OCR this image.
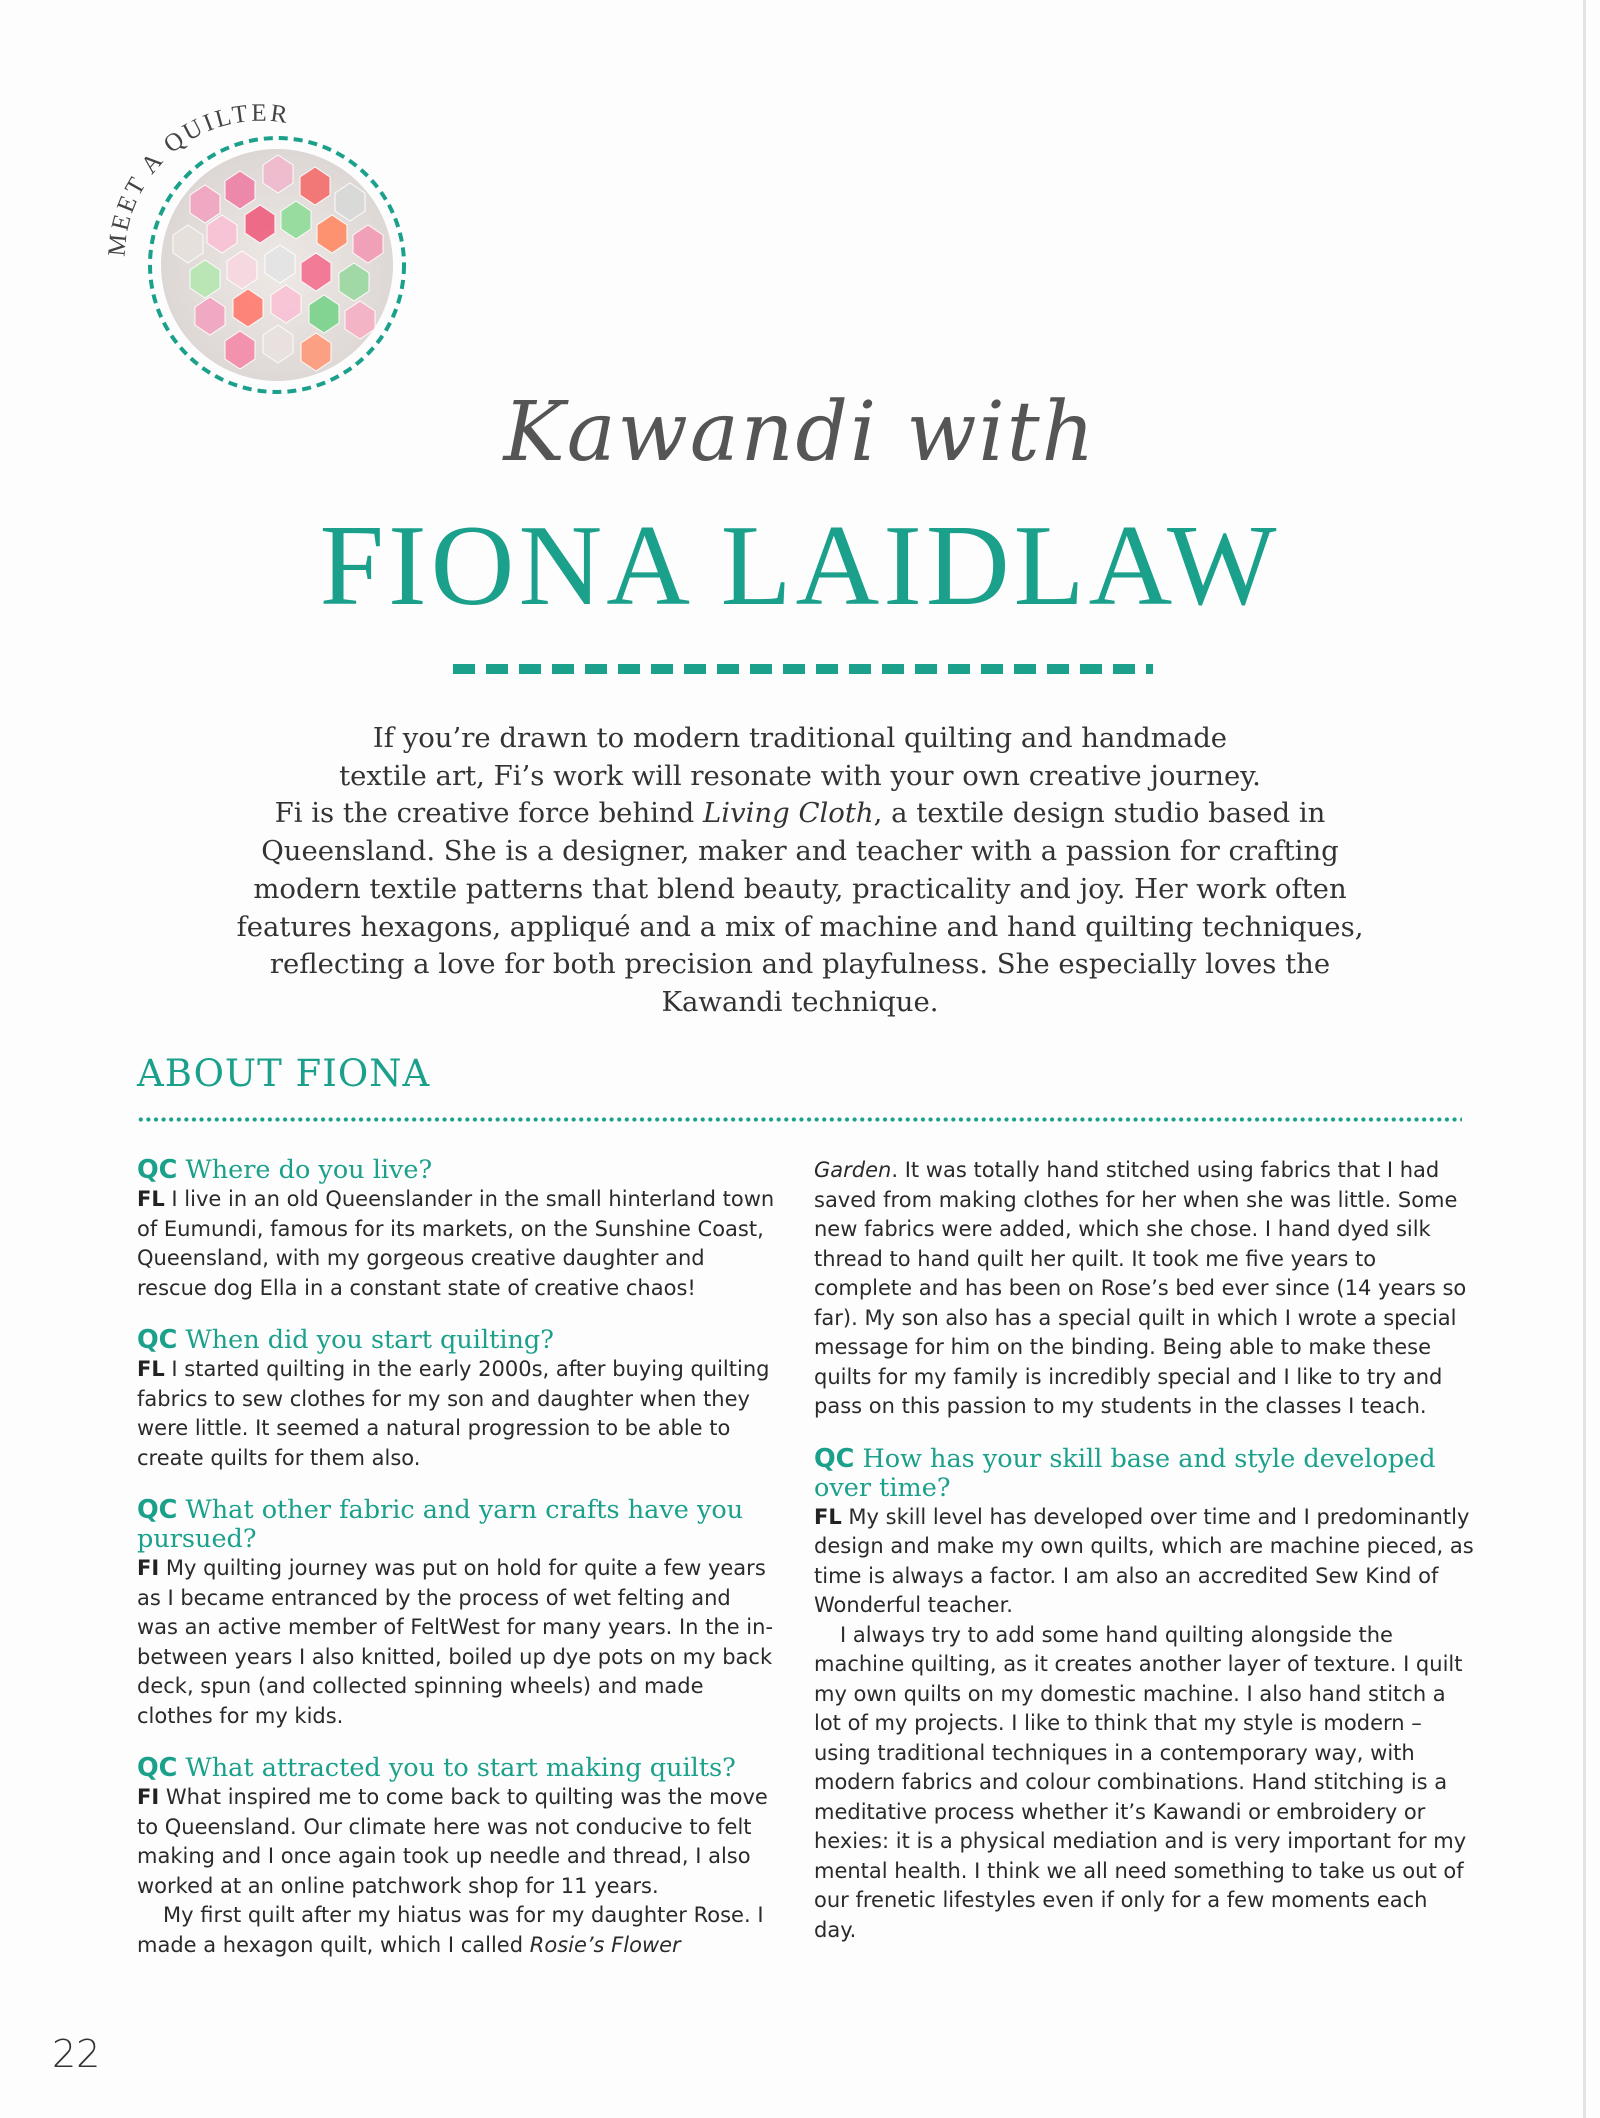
MEET A QUILTER
Kawandi with
FIONA LAIDLAW

If you’re drawn to modern traditional quilting and handmade textile art, Fi’s work will resonate with your own creative journey.

Fi is the creative force behind Living Cloth, a textile design studio based in Queensland. She is a designer, maker and teacher with a passion for crafting modern textile patterns that blend beauty, practicality and joy. Her work often features hexagons, appliqué and a mix of machine and hand quilting techniques, reflecting a love for both precision and playfulness. She especially loves the Kawandi technique.

ABOUT FIONA

QC Where do you live?

FL I live in an old Queenslander in the small hinterland town of Eumundi, famous for its markets, on the Sunshine Coast, Queensland, with my gorgeous creative daughter and rescue dog Ella in a constant state of creative chaos!

QC When did you start quilting?

FL I started quilting in the early 2000s, after buying quilting fabrics to sew clothes for my son and daughter when they were little. It seemed a natural progression to be able to create quilts for them also.

QC What other fabric and yarn crafts have you pursued?

FI My quilting journey was put on hold for quite a few years as I became entranced by the process of wet felting and was an active member of FeltWest for many years. In the in-between years I also knitted, boiled up dye pots on my back deck, spun (and collected spinning wheels) and made clothes for my kids.

QC What attracted you to start making quilts?

FI What inspired me to come back to quilting was the move to Queensland. Our climate here was not conducive to felt making and I once again took up needle and thread, I also worked at an online patchwork shop for 11 years.

My first quilt after my hiatus was for my daughter Rose. I made a hexagon quilt, which I called Rosie’s Flower

Garden. It was totally hand stitched using fabrics that I had saved from making clothes for her when she was little. Some new fabrics were added, which she chose. I hand dyed silk thread to hand quilt her quilt. It took me five years to complete and has been on Rose’s bed ever since (14 years so far). My son also has a special quilt in which I wrote a special message for him on the binding. Being able to make these quilts for my family is incredibly special and I like to try and pass on this passion to my students in the classes I teach.

QC How has your skill base and style developed over time?

FL My skill level has developed over time and I predominantly design and make my own quilts, which are machine pieced, as time is always a factor. I am also an accredited Sew Kind of Wonderful teacher.

I always try to add some hand quilting alongside the machine quilting, as it creates another layer of texture. I quilt my own quilts on my domestic machine. I also hand stitch a lot of my projects. I like to think that my style is modern – using traditional techniques in a contemporary way, with modern fabrics and colour combinations. Hand stitching is a meditative process whether it’s Kawandi or embroidery or hexies: it is a physical mediation and is very important for my mental health. I think we all need something to take us out of our frenetic lifestyles even if only for a few moments each day.

22
